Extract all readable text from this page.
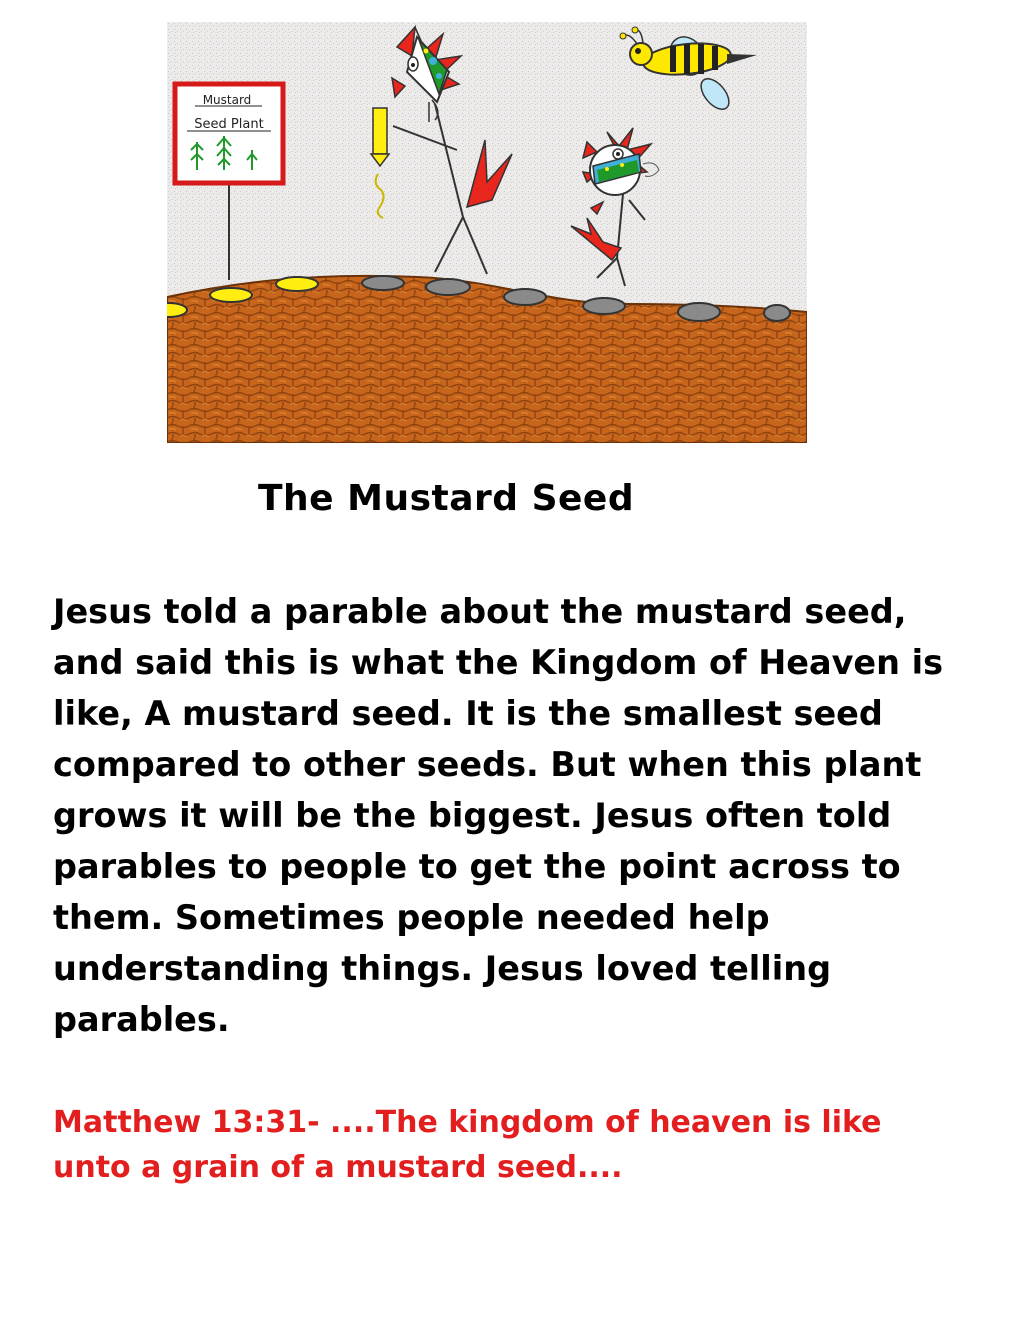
Mustard
Seed Plant
The Mustard Seed

Jesus told a parable about the mustard seed,
and said this is what the Kingdom of Heaven is
like, A mustard seed. It is the smallest seed
compared to other seeds. But when this plant
grows it will be the biggest. Jesus often told
parables to people to get the point across to
them. Sometimes people needed help
understanding things. Jesus loved telling
parables.

Matthew 13:31- ....The kingdom of heaven is like
unto a grain of a mustard seed....
